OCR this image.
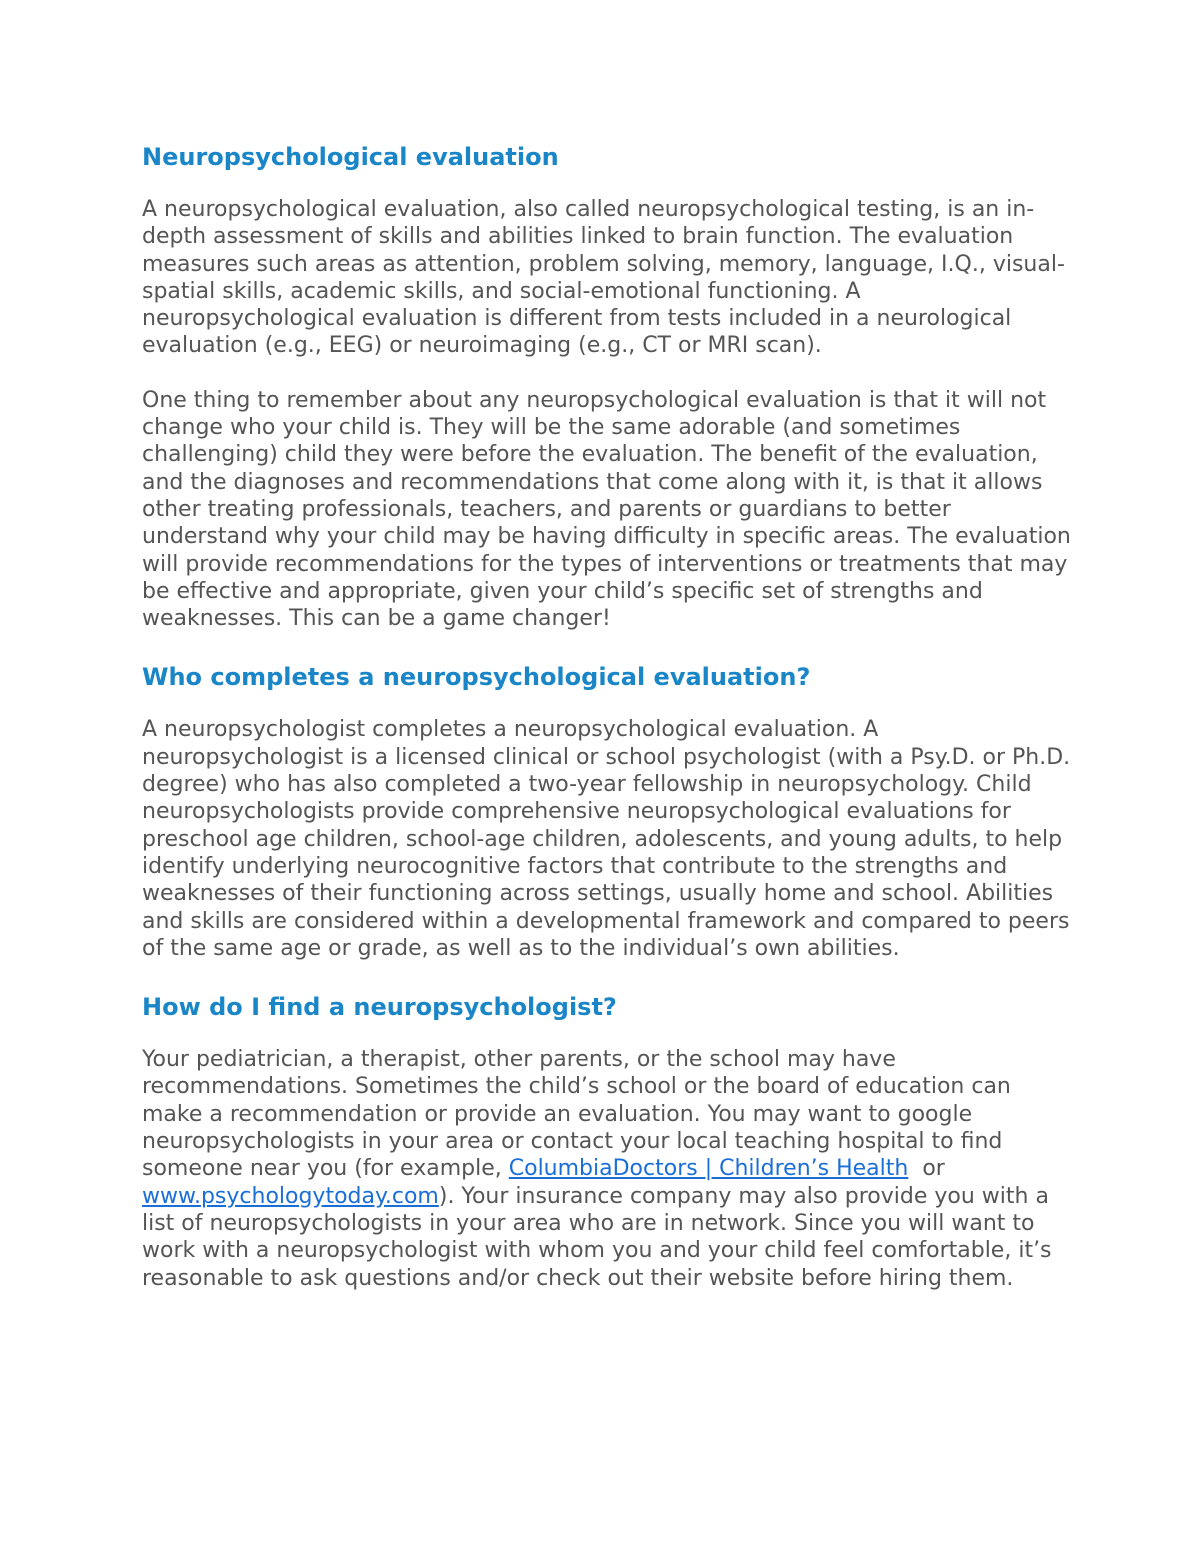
Neuropsychological evaluation

A neuropsychological evaluation, also called neuropsychological testing, is an in-depth assessment of skills and abilities linked to brain function. The evaluation measures such areas as attention, problem solving, memory, language, I.Q., visual-spatial skills, academic skills, and social-emotional functioning. A neuropsychological evaluation is different from tests included in a neurological evaluation (e.g., EEG) or neuroimaging (e.g., CT or MRI scan).

One thing to remember about any neuropsychological evaluation is that it will not change who your child is. They will be the same adorable (and sometimes challenging) child they were before the evaluation. The benefit of the evaluation, and the diagnoses and recommendations that come along with it, is that it allows other treating professionals, teachers, and parents or guardians to better understand why your child may be having difficulty in specific areas. The evaluation will provide recommendations for the types of interventions or treatments that may be effective and appropriate, given your child’s specific set of strengths and weaknesses. This can be a game changer!

Who completes a neuropsychological evaluation?

A neuropsychologist completes a neuropsychological evaluation. A neuropsychologist is a licensed clinical or school psychologist (with a Psy.D. or Ph.D. degree) who has also completed a two-year fellowship in neuropsychology. Child neuropsychologists provide comprehensive neuropsychological evaluations for preschool age children, school-age children, adolescents, and young adults, to help identify underlying neurocognitive factors that contribute to the strengths and weaknesses of their functioning across settings, usually home and school. Abilities and skills are considered within a developmental framework and compared to peers of the same age or grade, as well as to the individual’s own abilities.

How do I find a neuropsychologist?

Your pediatrician, a therapist, other parents, or the school may have recommendations. Sometimes the child’s school or the board of education can make a recommendation or provide an evaluation. You may want to google neuropsychologists in your area or contact your local teaching hospital to find someone near you (for example, ColumbiaDoctors | Children’s Health  or www.psychologytoday.com). Your insurance company may also provide you with a list of neuropsychologists in your area who are in network. Since you will want to work with a neuropsychologist with whom you and your child feel comfortable, it’s reasonable to ask questions and/or check out their website before hiring them.
